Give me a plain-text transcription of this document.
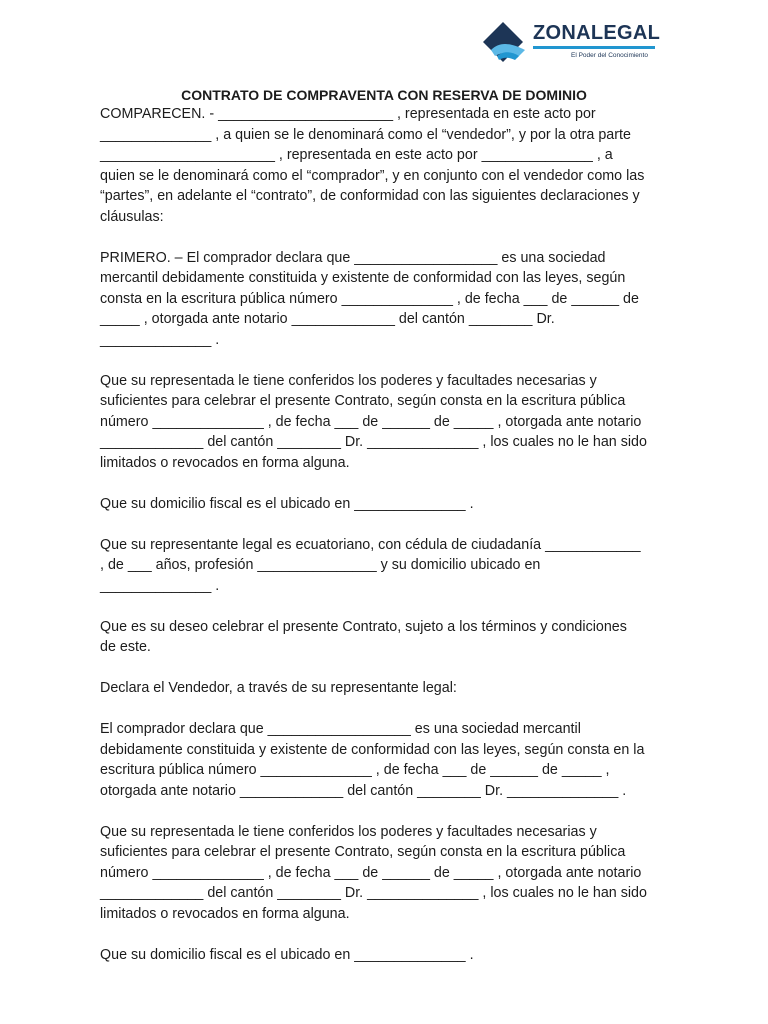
ZONALEGAL
El Poder del Conocimiento
CONTRATO DE COMPRAVENTA CON RESERVA DE DOMINIO

COMPARECEN. - ______________________ , representada en este acto por
______________ , a quien se le denominará como el “vendedor”, y por la otra parte
______________________ , representada en este acto por ______________ , a
quien se le denominará como el “comprador”, y en conjunto con el vendedor como las
“partes”, en adelante el “contrato”, de conformidad con las siguientes declaraciones y
cláusulas:

PRIMERO. – El comprador declara que __________________ es una sociedad
mercantil debidamente constituida y existente de conformidad con las leyes, según
consta en la escritura pública número ______________ , de fecha ___ de ______ de
_____ , otorgada ante notario _____________ del cantón ________ Dr.
______________ .

Que su representada le tiene conferidos los poderes y facultades necesarias y
suficientes para celebrar el presente Contrato, según consta en la escritura pública
número ______________ , de fecha ___ de ______ de _____ , otorgada ante notario
_____________ del cantón ________ Dr. ______________ , los cuales no le han sido
limitados o revocados en forma alguna.

Que su domicilio fiscal es el ubicado en ______________ .

Que su representante legal es ecuatoriano, con cédula de ciudadanía ____________
, de ___ años, profesión _______________ y su domicilio ubicado en
______________ .

Que es su deseo celebrar el presente Contrato, sujeto a los términos y condiciones
de este.

Declara el Vendedor, a través de su representante legal:

El comprador declara que __________________ es una sociedad mercantil
debidamente constituida y existente de conformidad con las leyes, según consta en la
escritura pública número ______________ , de fecha ___ de ______ de _____ ,
otorgada ante notario _____________ del cantón ________ Dr. ______________ .

Que su representada le tiene conferidos los poderes y facultades necesarias y
suficientes para celebrar el presente Contrato, según consta en la escritura pública
número ______________ , de fecha ___ de ______ de _____ , otorgada ante notario
_____________ del cantón ________ Dr. ______________ , los cuales no le han sido
limitados o revocados en forma alguna.

Que su domicilio fiscal es el ubicado en ______________ .
